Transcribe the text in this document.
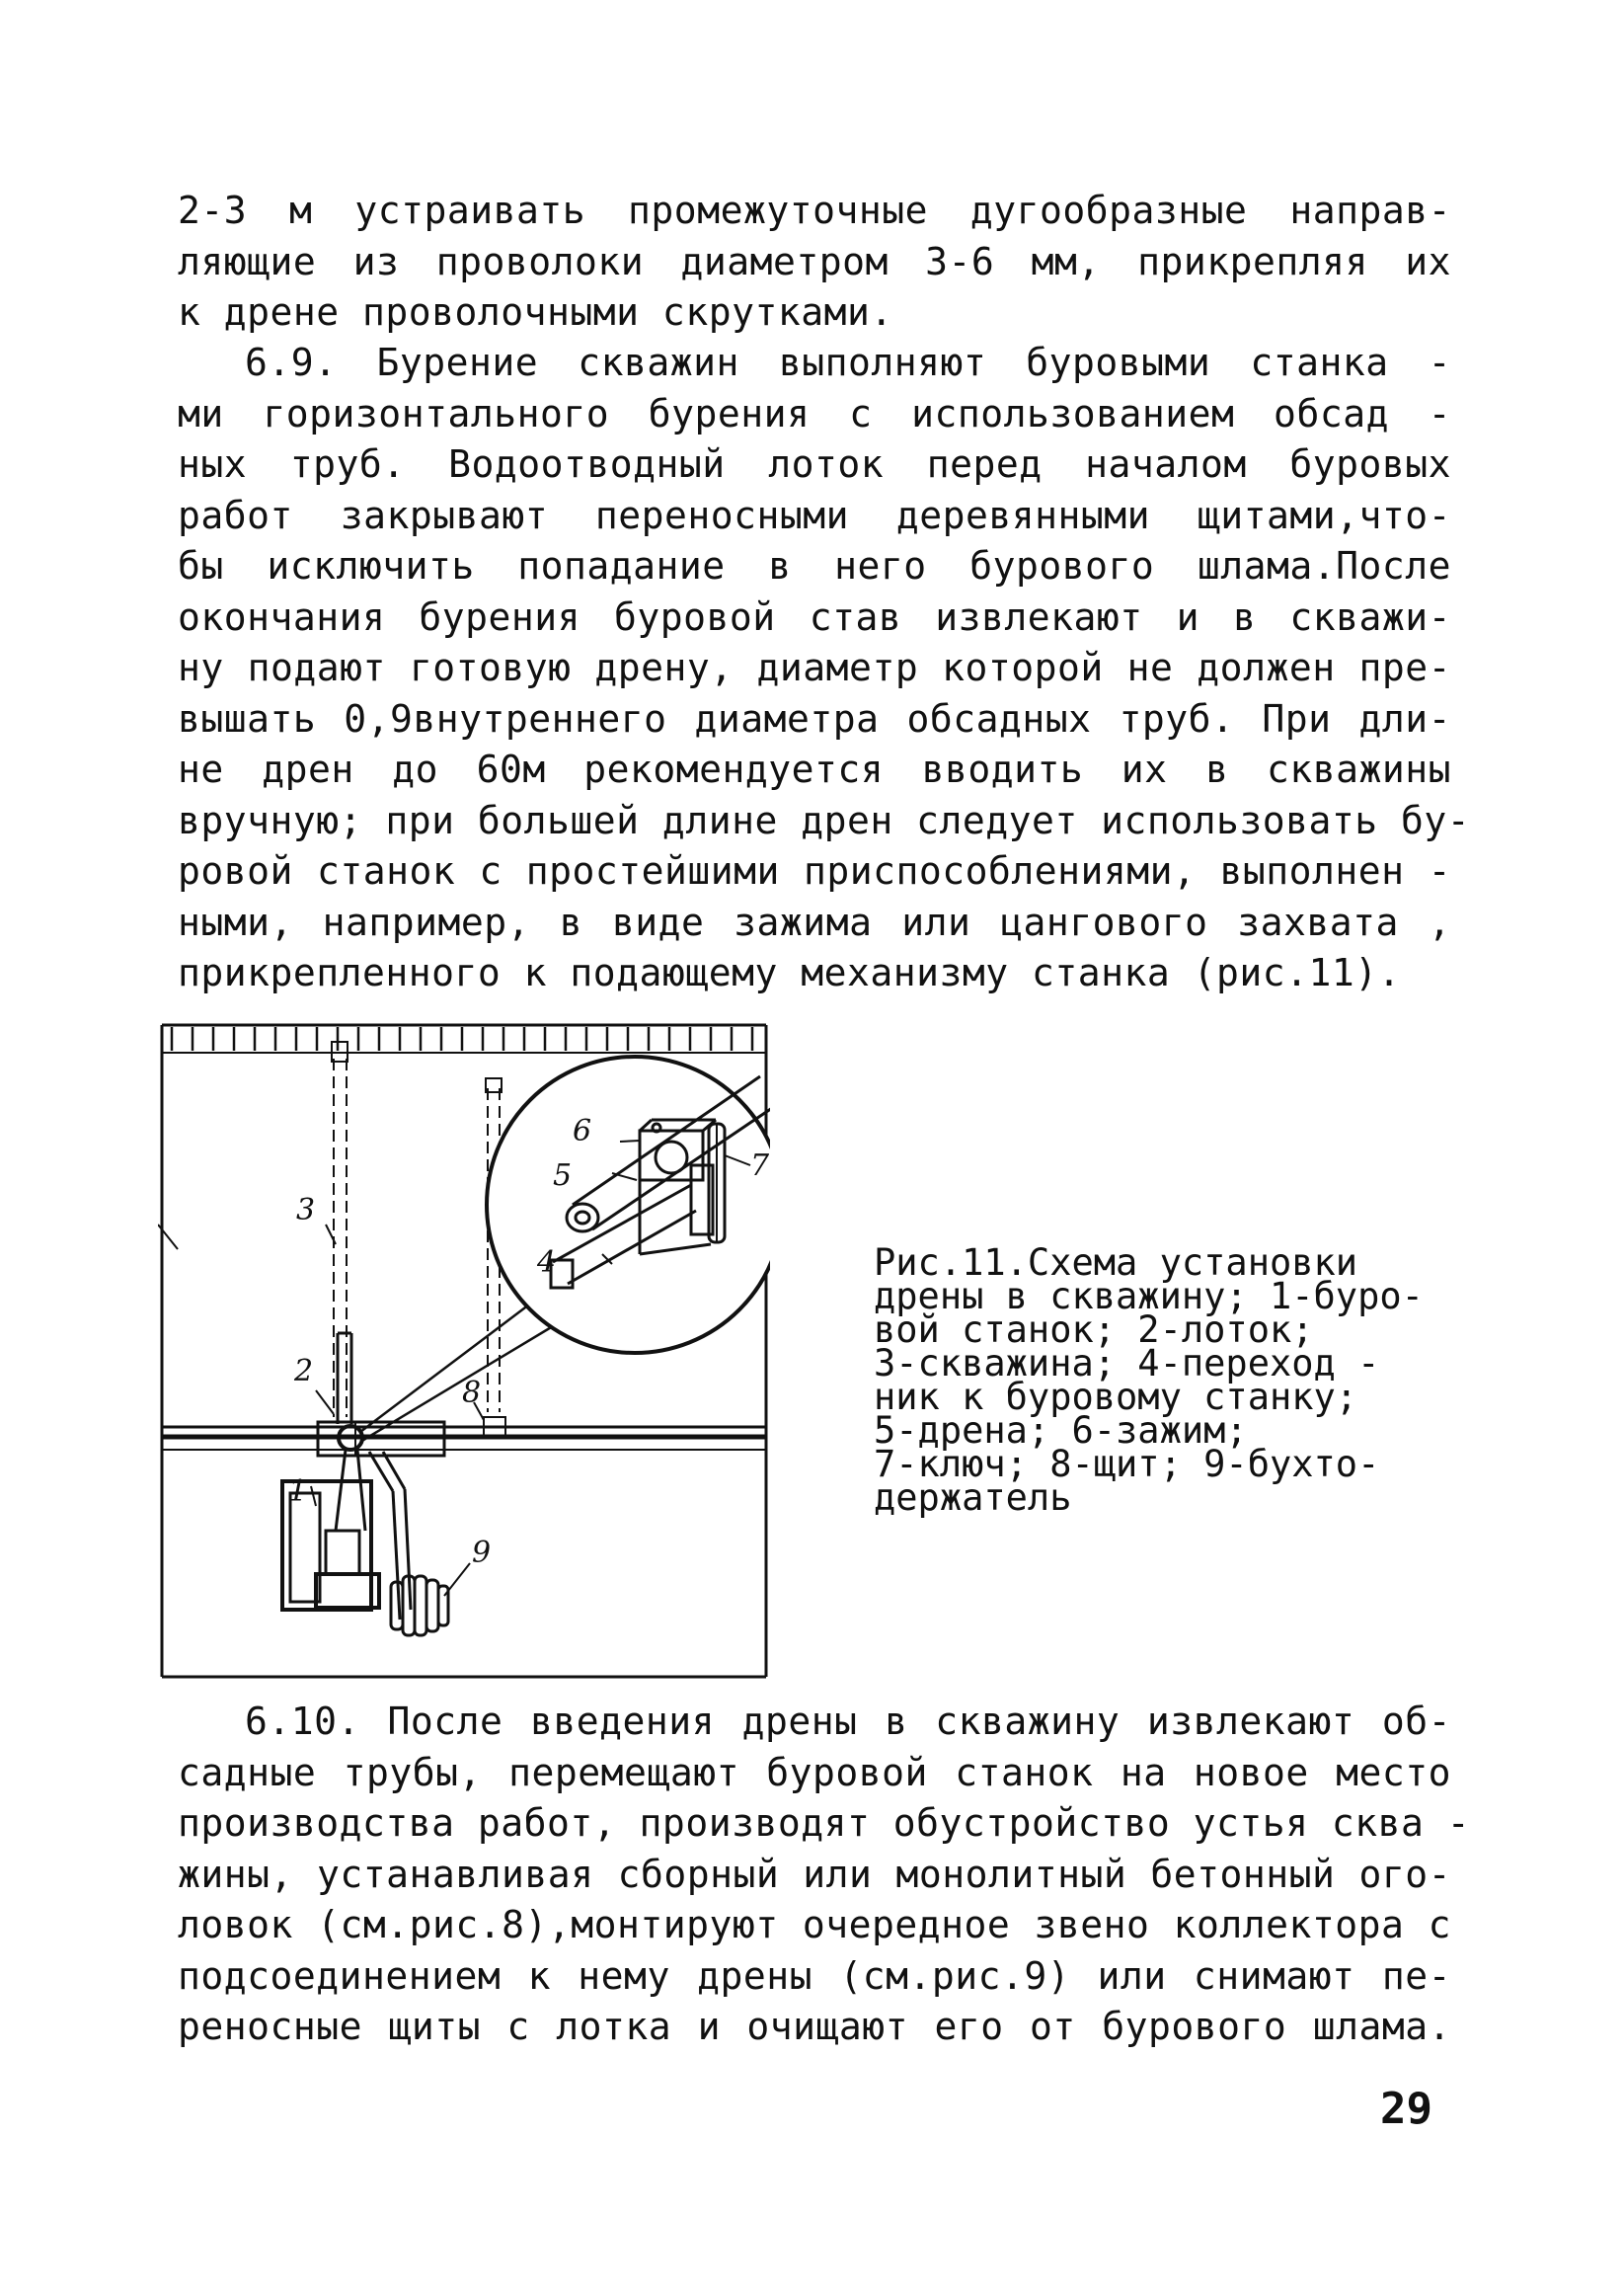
2-3 м устраивать промежуточные дугообразные направ-
ляющие из проволоки диаметром 3-6 мм, прикрепляя их
к дрене проволочными скрутками.
6.9. Бурение скважин выполняют буровыми станка -
ми горизонтального бурения с использованием обсад -
ных труб. Водоотводный лоток перед началом буровых
работ закрывают переносными деревянными щитами,что-
бы исключить попадание в него бурового шлама.После
окончания бурения буровой став извлекают и в скважи-
ну подают готовую дрену, диаметр которой не должен пре-
вышать 0,9внутреннего диаметра обсадных труб. При дли-
не дрен до 60м рекомендуется вводить их в скважины
вручную; при большей длине дрен следует использовать бу-
ровой станок с простейшими приспособлениями, выполнен -
ными, например, в виде зажима или цангового захвата ,
прикрепленного к подающему механизму станка (рис.11).
2
3
1
9
8
6
5	7
4	Рис.11.Схема установки
дрены в скважину; 1-буро-
вой станок; 2-лоток;
3-скважина; 4-переход -
ник к буровому станку;
5-дрена; 6-зажим;
7-ключ; 8-щит; 9-бухто-
держатель
6.10. После введения дрены в скважину извлекают об-
садные трубы, перемещают буровой станок на новое место
производства работ, производят обустройство устья сква -
жины, устанавливая сборный или монолитный бетонный ого-
ловок (см.рис.8),монтируют очередное звено коллектора с
подсоединением к нему дрены (см.рис.9) или снимают пе-
реносные щиты с лотка и очищают его от бурового шлама.
29
